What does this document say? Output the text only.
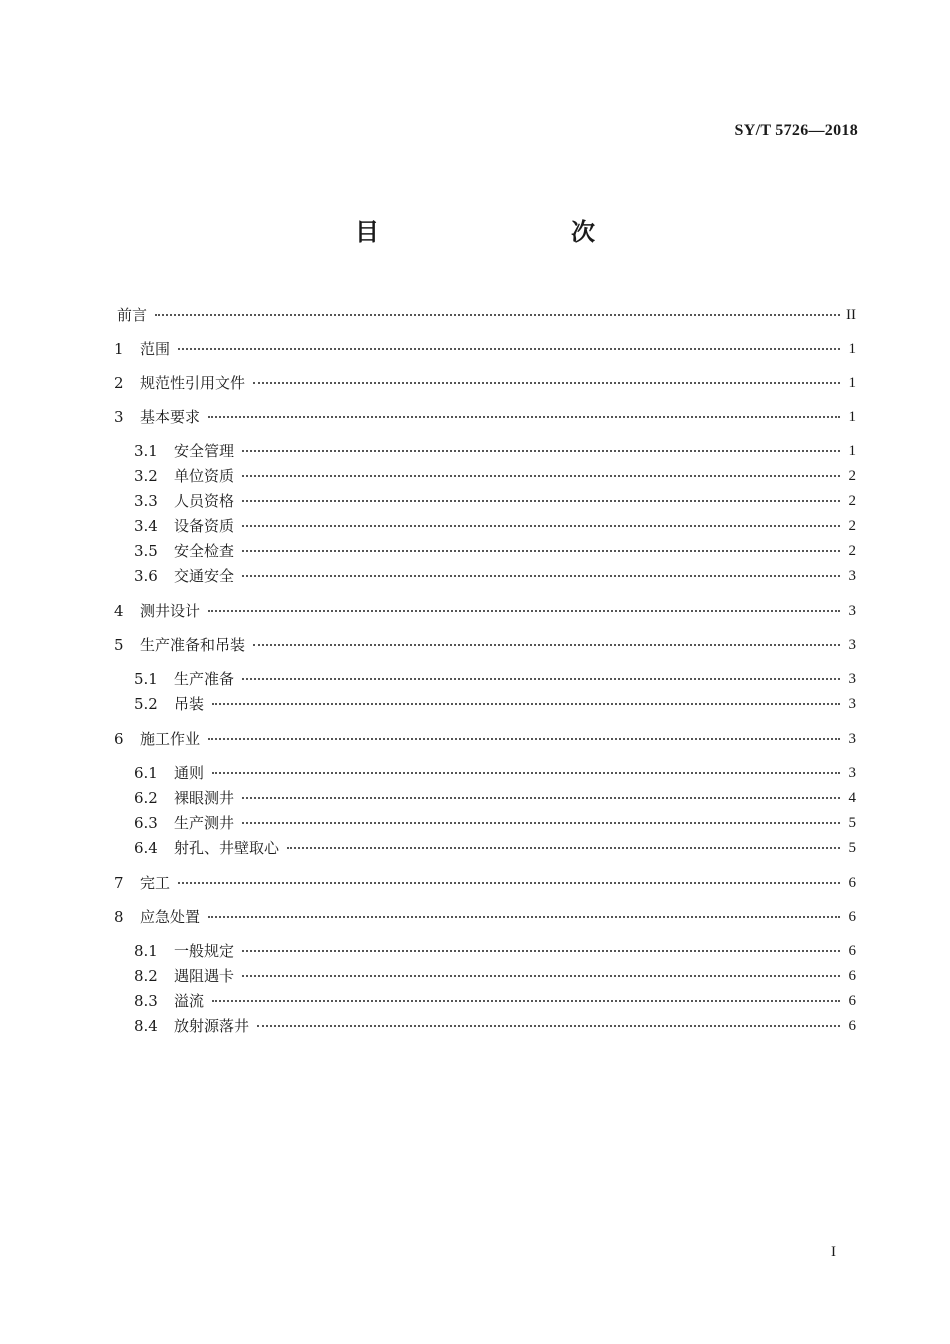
SY/T 5726—2018
目　　次
前言	II
1 范围	1
2 规范性引用文件	1
3 基本要求	1
3.1 安全管理	1
3.2 单位资质	2
3.3 人员资格	2
3.4 设备资质	2
3.5 安全检查	2
3.6 交通安全	3
4 测井设计	3
5 生产准备和吊装	3
5.1 生产准备	3
5.2 吊装	3
6 施工作业	3
6.1 通则	3
6.2 裸眼测井	4
6.3 生产测井	5
6.4 射孔、井壁取心	5
7 完工	6
8 应急处置	6
8.1 一般规定	6
8.2 遇阻遇卡	6
8.3 溢流	6
8.4 放射源落井	6
I
